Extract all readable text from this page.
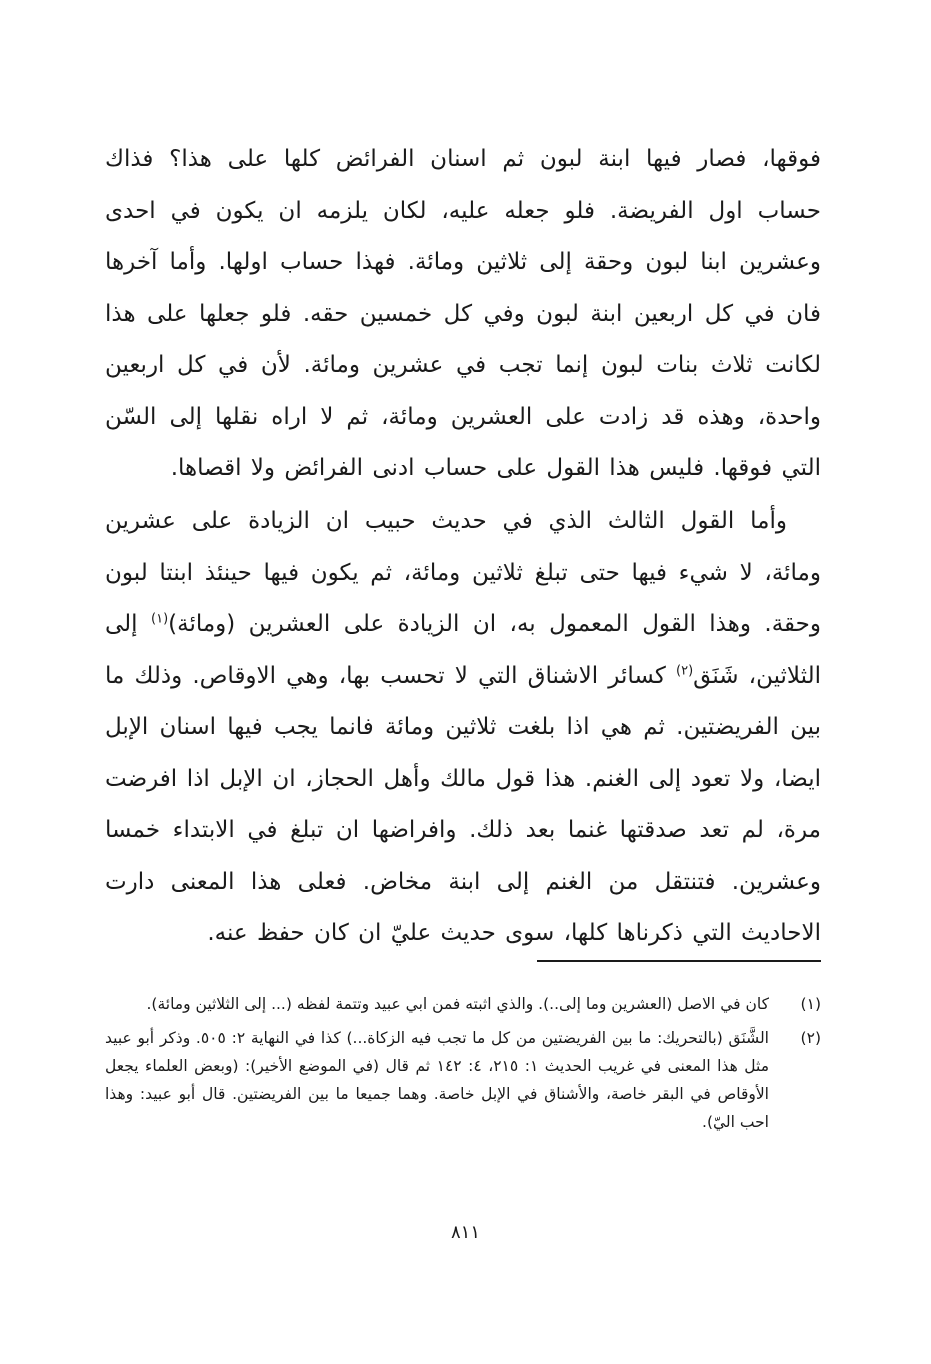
فوقها، فصار فيها ابنة لبون ثم اسنان الفرائض كلها على هذا؟ فذاك حساب اول الفريضة. فلو جعله عليه، لكان يلزمه ان يكون في احدى وعشرين ابنا لبون وحقة إلى ثلاثين ومائة. فهذا حساب اولها. وأما آخرها فان في كل اربعين ابنة لبون وفي كل خمسين حقه. فلو جعلها على هذا لكانت ثلاث بنات لبون إنما تجب في عشرين ومائة. لأن في كل اربعين واحدة، وهذه قد زادت على العشرين ومائة، ثم لا اراه نقلها إلى السّن التي فوقها. فليس هذا القول على حساب ادنى الفرائض ولا اقصاها.

وأما القول الثالث الذي في حديث حبيب ان الزيادة على عشرين ومائة، لا شيء فيها حتى تبلغ ثلاثين ومائة، ثم يكون فيها حينئذ ابنتا لبون وحقة. وهذا القول المعمول به، ان الزيادة على العشرين (ومائة)$^{(١)}$ إلى الثلاثين، شَنَق$^{(٢)}$ كسائر الاشناق التي لا تحسب بها، وهي الاوقاص. وذلك ما بين الفريضتين. ثم هي اذا بلغت ثلاثين ومائة فانما يجب فيها اسنان الإبل ايضا، ولا تعود إلى الغنم. هذا قول مالك وأهل الحجاز، ان الإبل اذا افرضت مرة، لم تعد صدقتها غنما بعد ذلك. وافراضها ان تبلغ في الابتداء خمسا وعشرين. فتنتقل من الغنم إلى ابنة مخاض. فعلى هذا المعنى دارت الاحاديث التي ذكرناها كلها، سوى حديث عليّ ان كان حفظ عنه.

(١)
كان في الاصل (العشرين وما إلى..). والذي اثبته فمن ابي عبيد وتتمة لفظه (... إلى الثلاثين ومائة).
(٢)
الشَّنَق (بالتحريك: ما بين الفريضتين من كل ما تجب فيه الزكاة...) كذا في النهاية ٢: ٥٠٥. وذكر أبو عبيد مثل هذا المعنى في غريب الحديث ١: ٢١٥، ٤: ١٤٢ ثم قال (في الموضع الأخير): (وبعض العلماء يجعل الأوقاص في البقر خاصة، والأشناق في الإبل خاصة. وهما جميعا ما بين الفريضتين. قال أبو عبيد: وهذا احب اليّ).
٨١١
